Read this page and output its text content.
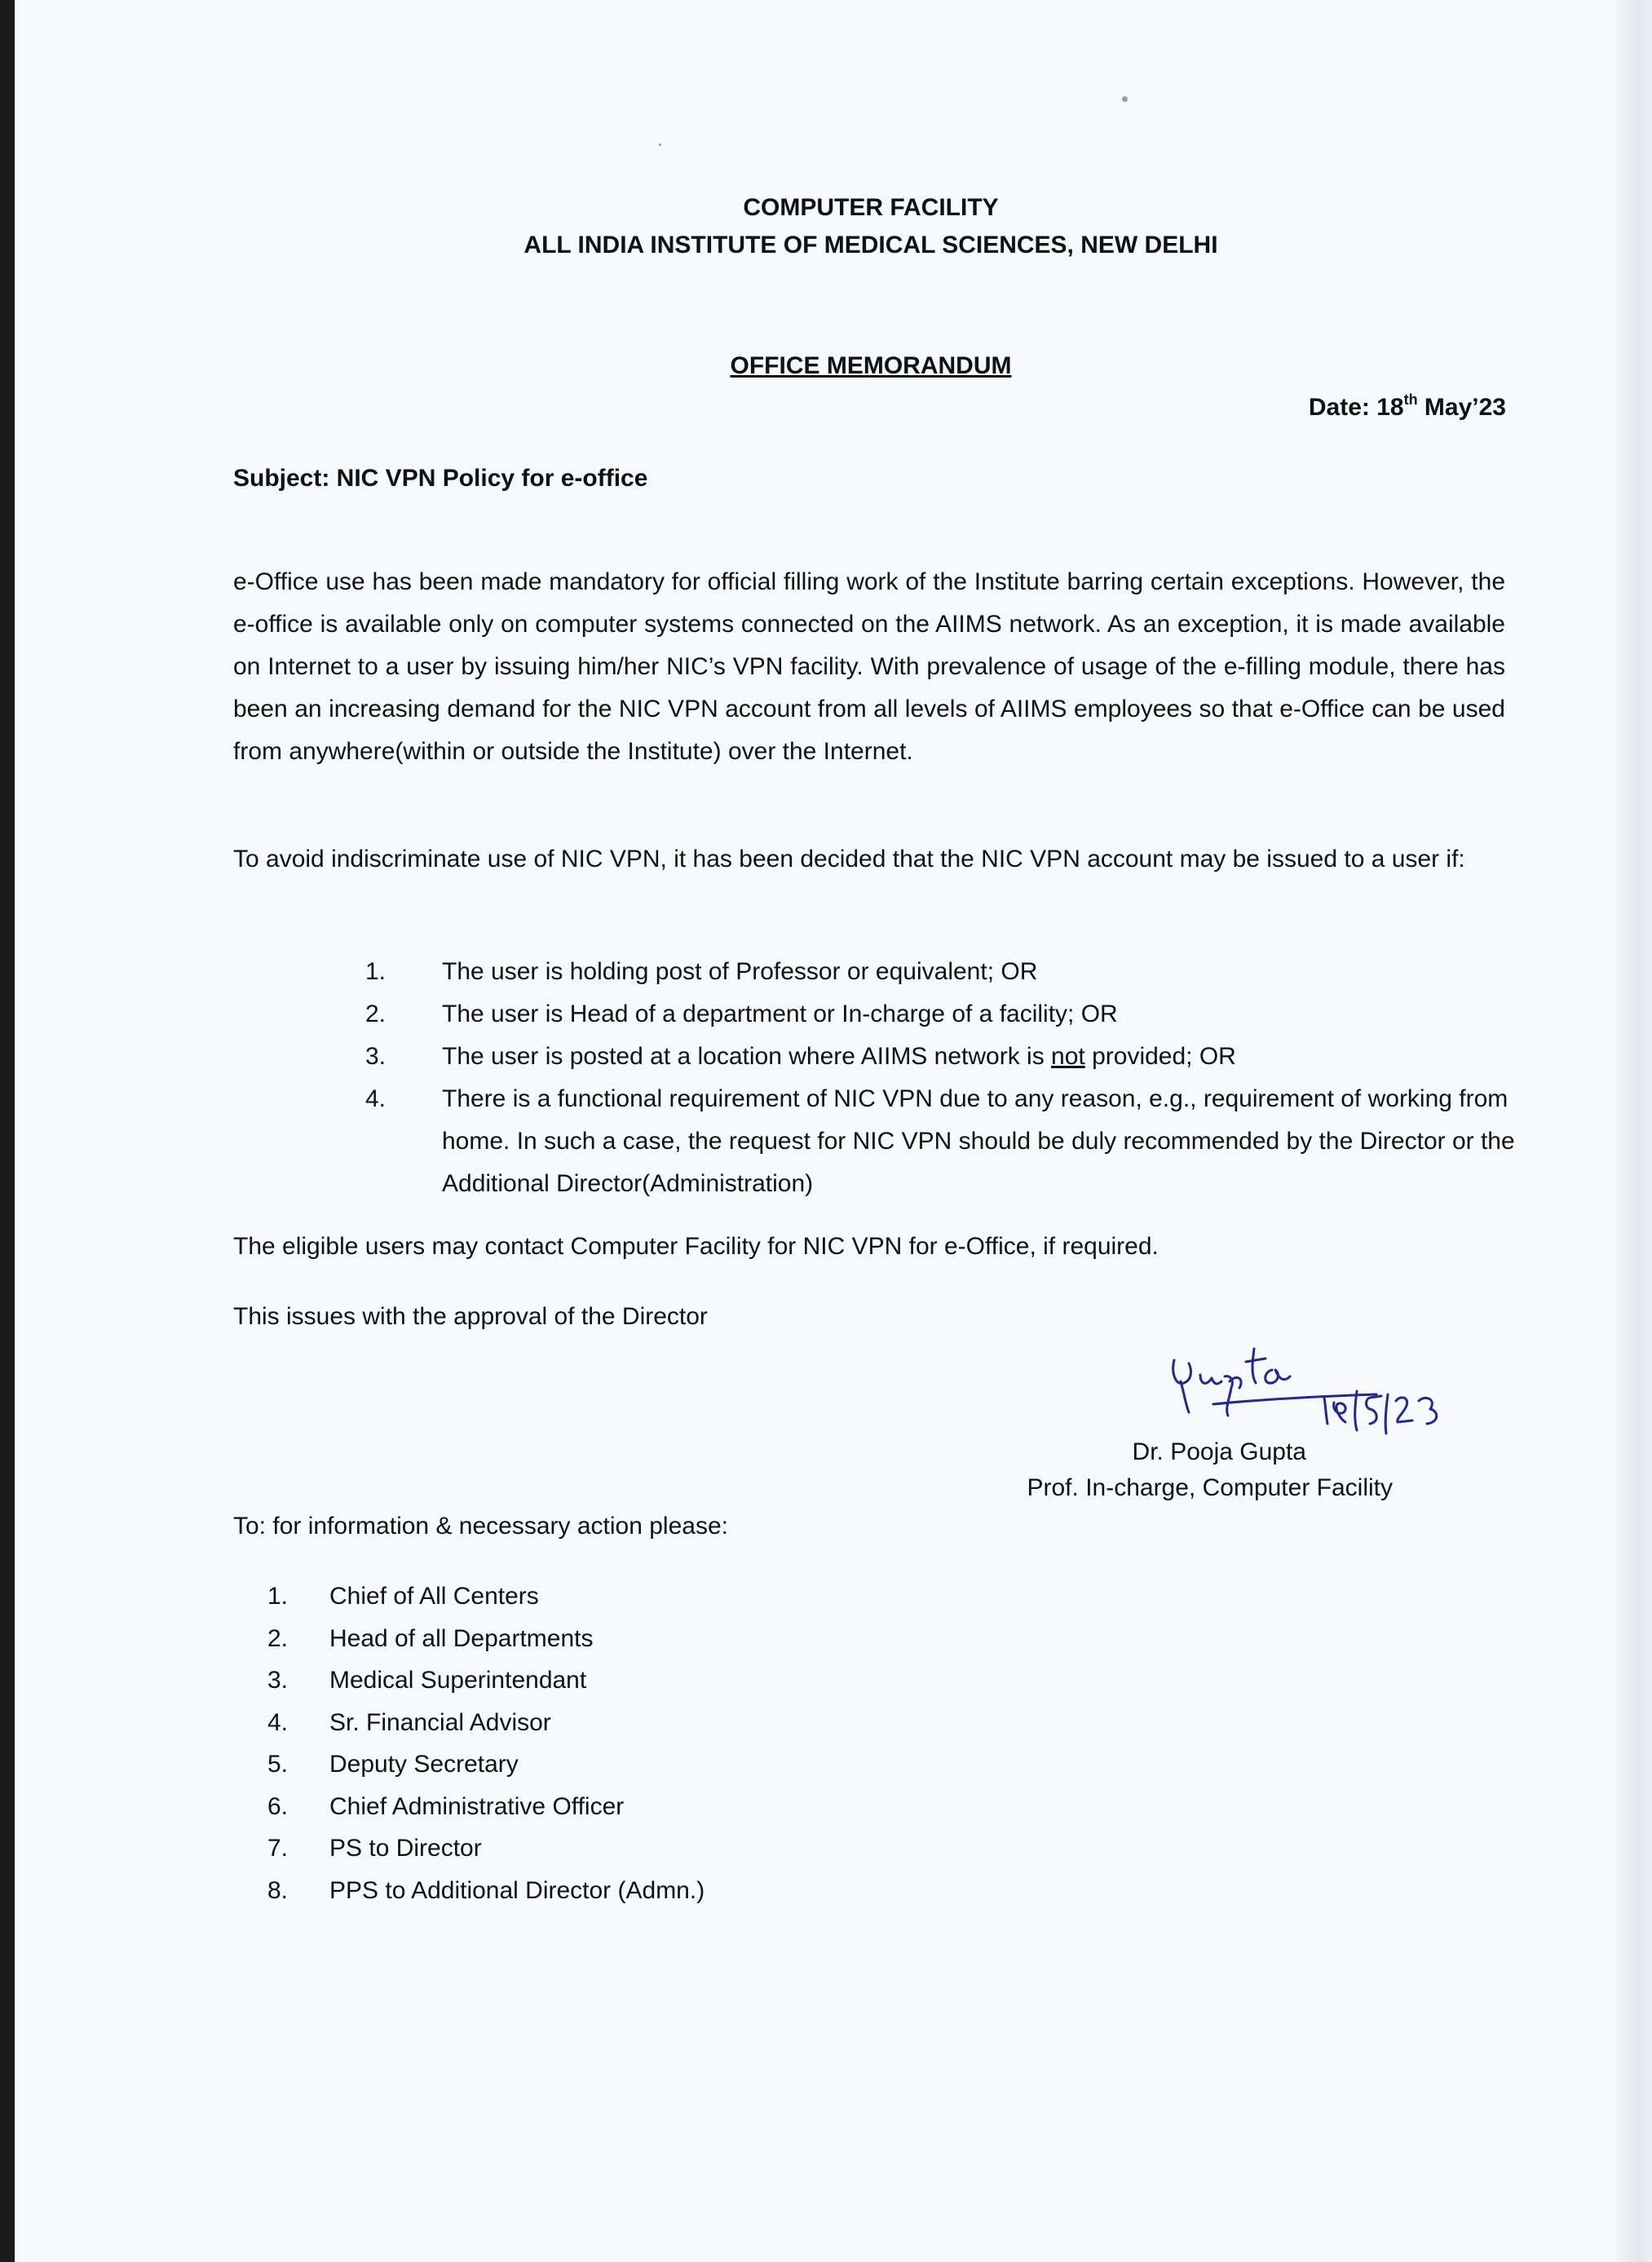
COMPUTER FACILITY
ALL INDIA INSTITUTE OF MEDICAL SCIENCES, NEW DELHI
OFFICE MEMORANDUM
Date: 18th May’23
Subject: NIC VPN Policy for e-office
e-Office use has been made mandatory for official filling work of the Institute barring certain exceptions. However, the e-office is available only on computer systems connected on the AIIMS network. As an exception, it is made available on Internet to a user by issuing him/her NIC’s VPN facility. With prevalence of usage of the e-filling module, there has been an increasing demand for the NIC VPN account from all levels of AIIMS employees so that e-Office can be used from anywhere(within or outside the Institute) over the Internet.
To avoid indiscriminate use of NIC VPN, it has been decided that the NIC VPN account may be issued to a user if:
1.	The user is holding post of Professor or equivalent; OR
2.	The user is Head of a department or In-charge of a facility; OR
3.	The user is posted at a location where AIIMS network is not provided; OR
4.	There is a functional requirement of NIC VPN due to any reason, e.g., requirement of working from home. In such a case, the request for NIC VPN should be duly recommended by the Director or the Additional Director(Administration)
The eligible users may contact Computer Facility for NIC VPN for e-Office, if required.
This issues with the approval of the Director
Dr. Pooja Gupta
Prof. In-charge, Computer Facility
To: for information & necessary action please:
1. Chief of All Centers
2. Head of all Departments
3. Medical Superintendant
4. Sr. Financial Advisor
5. Deputy Secretary
6. Chief Administrative Officer
7. PS to Director
8. PPS to Additional Director (Admn.)
